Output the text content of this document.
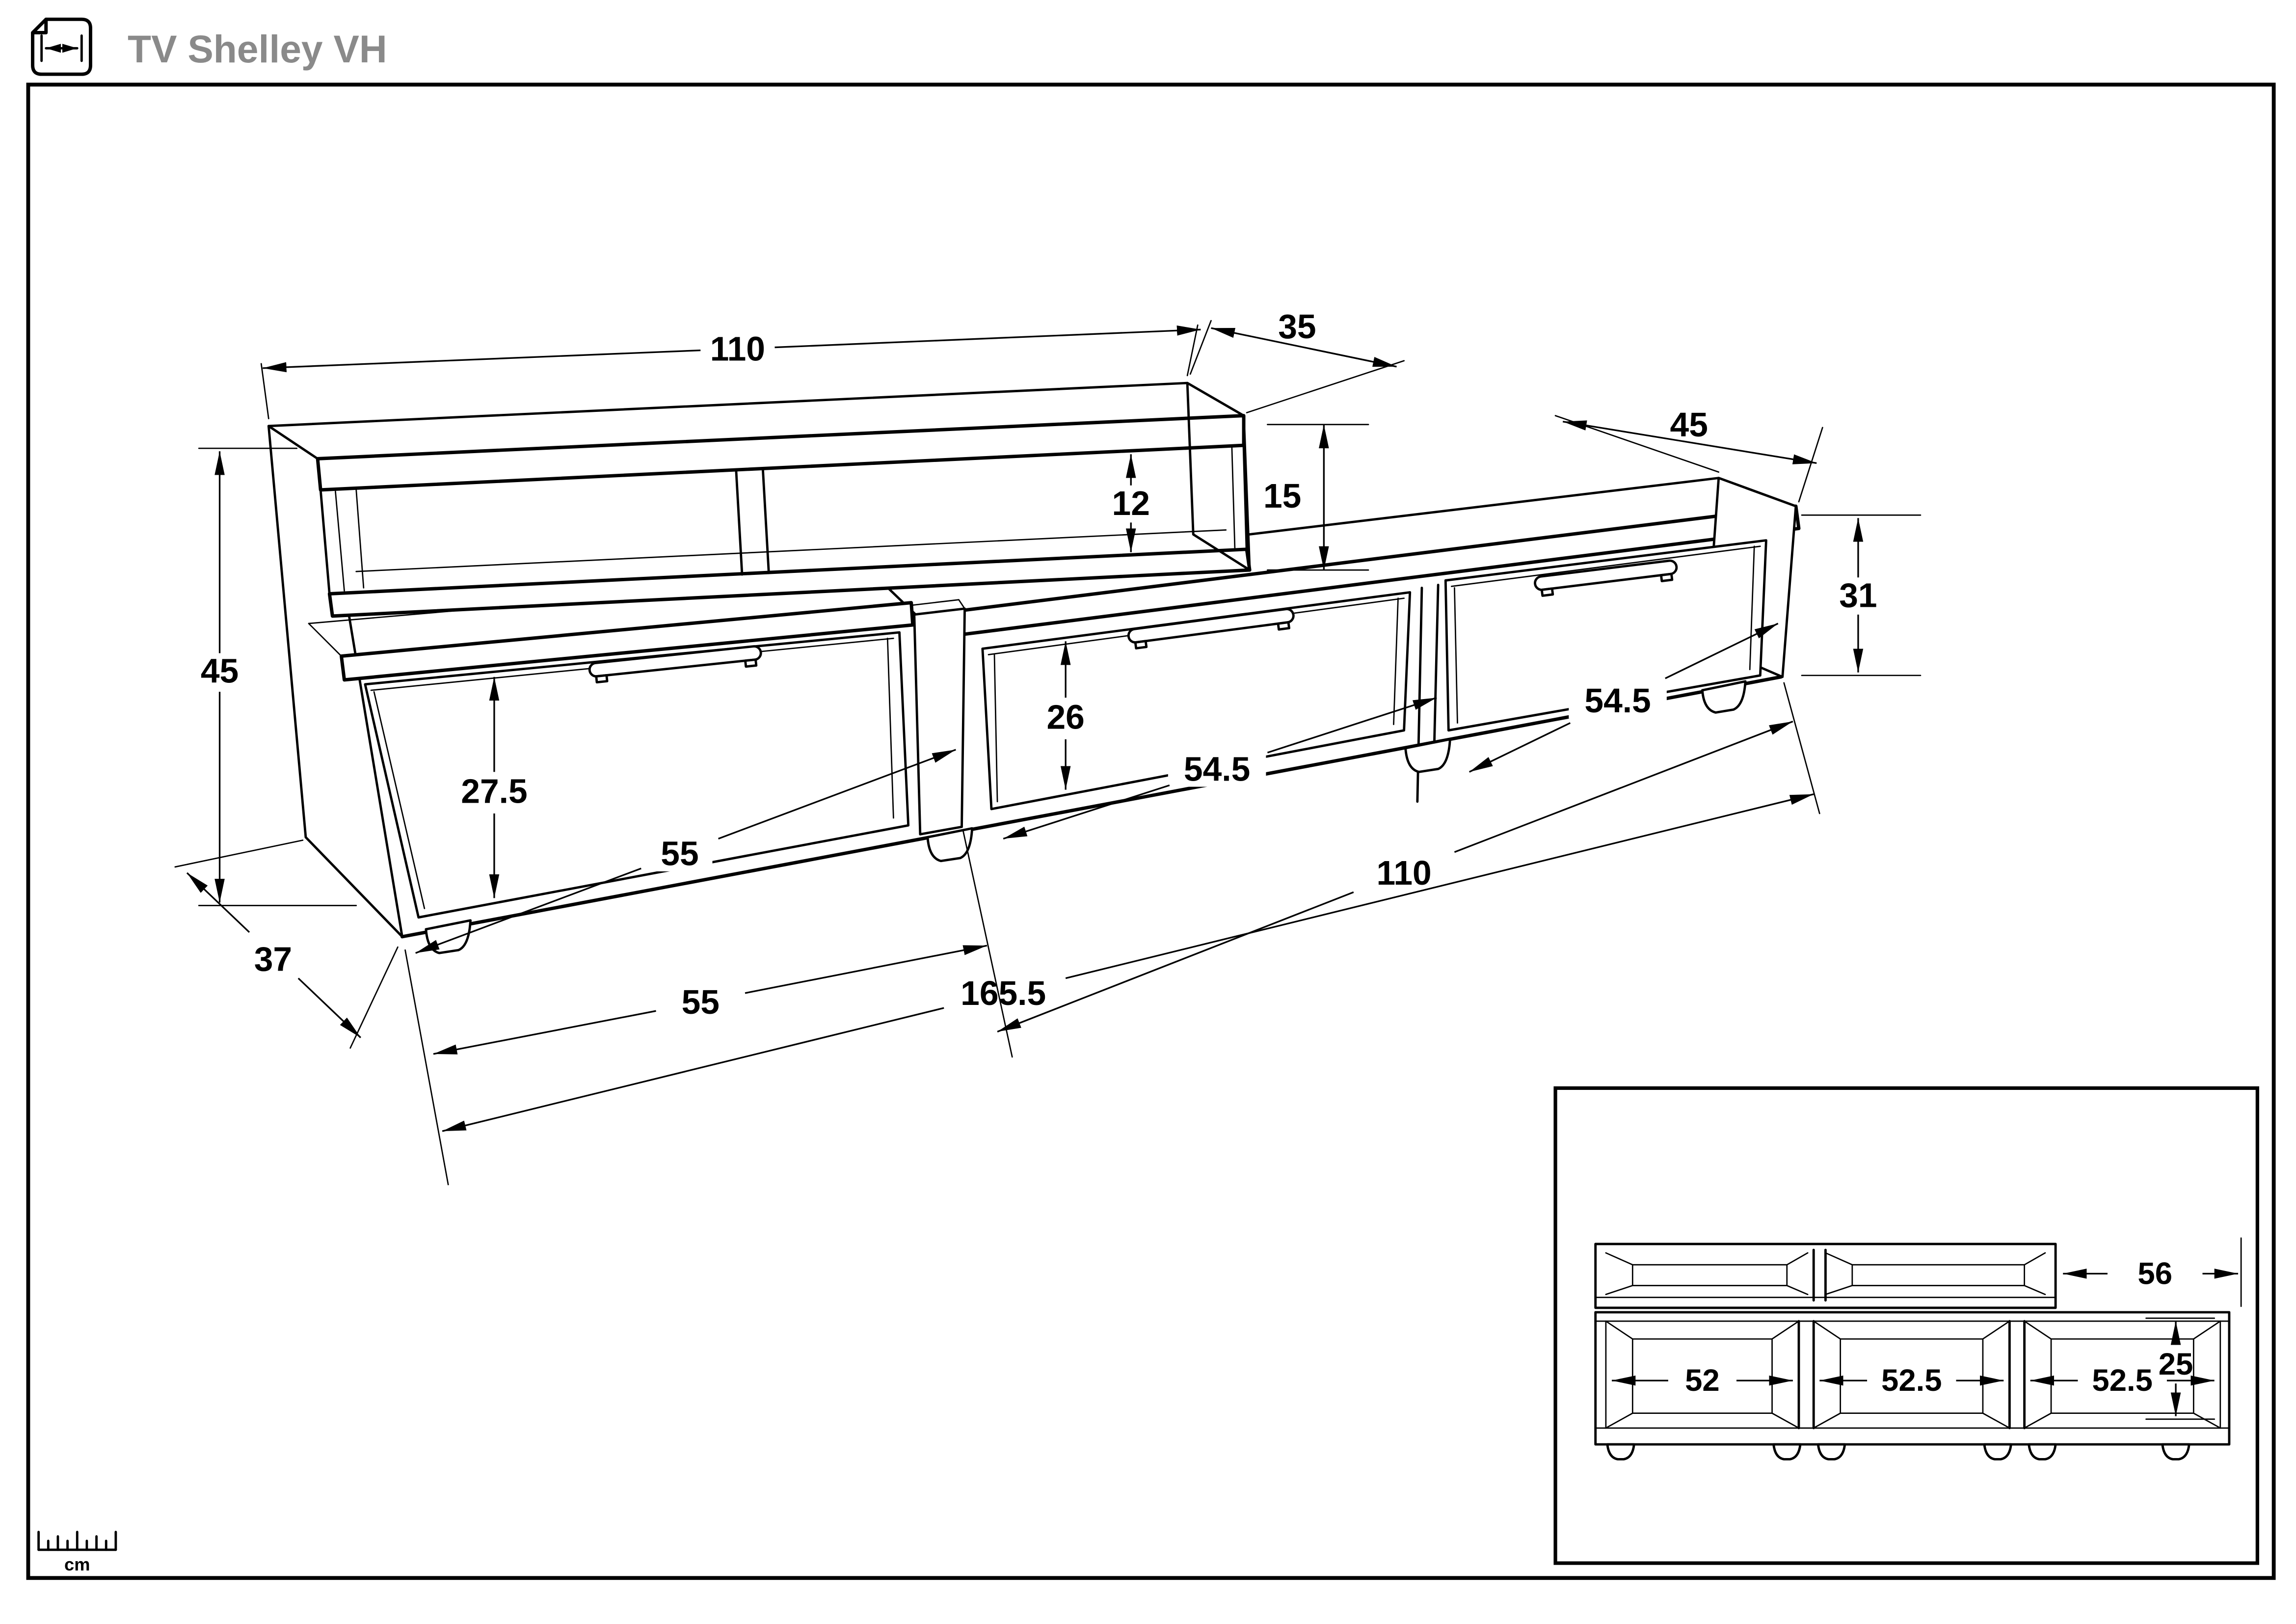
TV Shelley VH
110
35
45
12	15
45
37
27.5
55
26
54.5
54.5
31
110
55	165.5
56
25
52	52.5	52.5
cm
